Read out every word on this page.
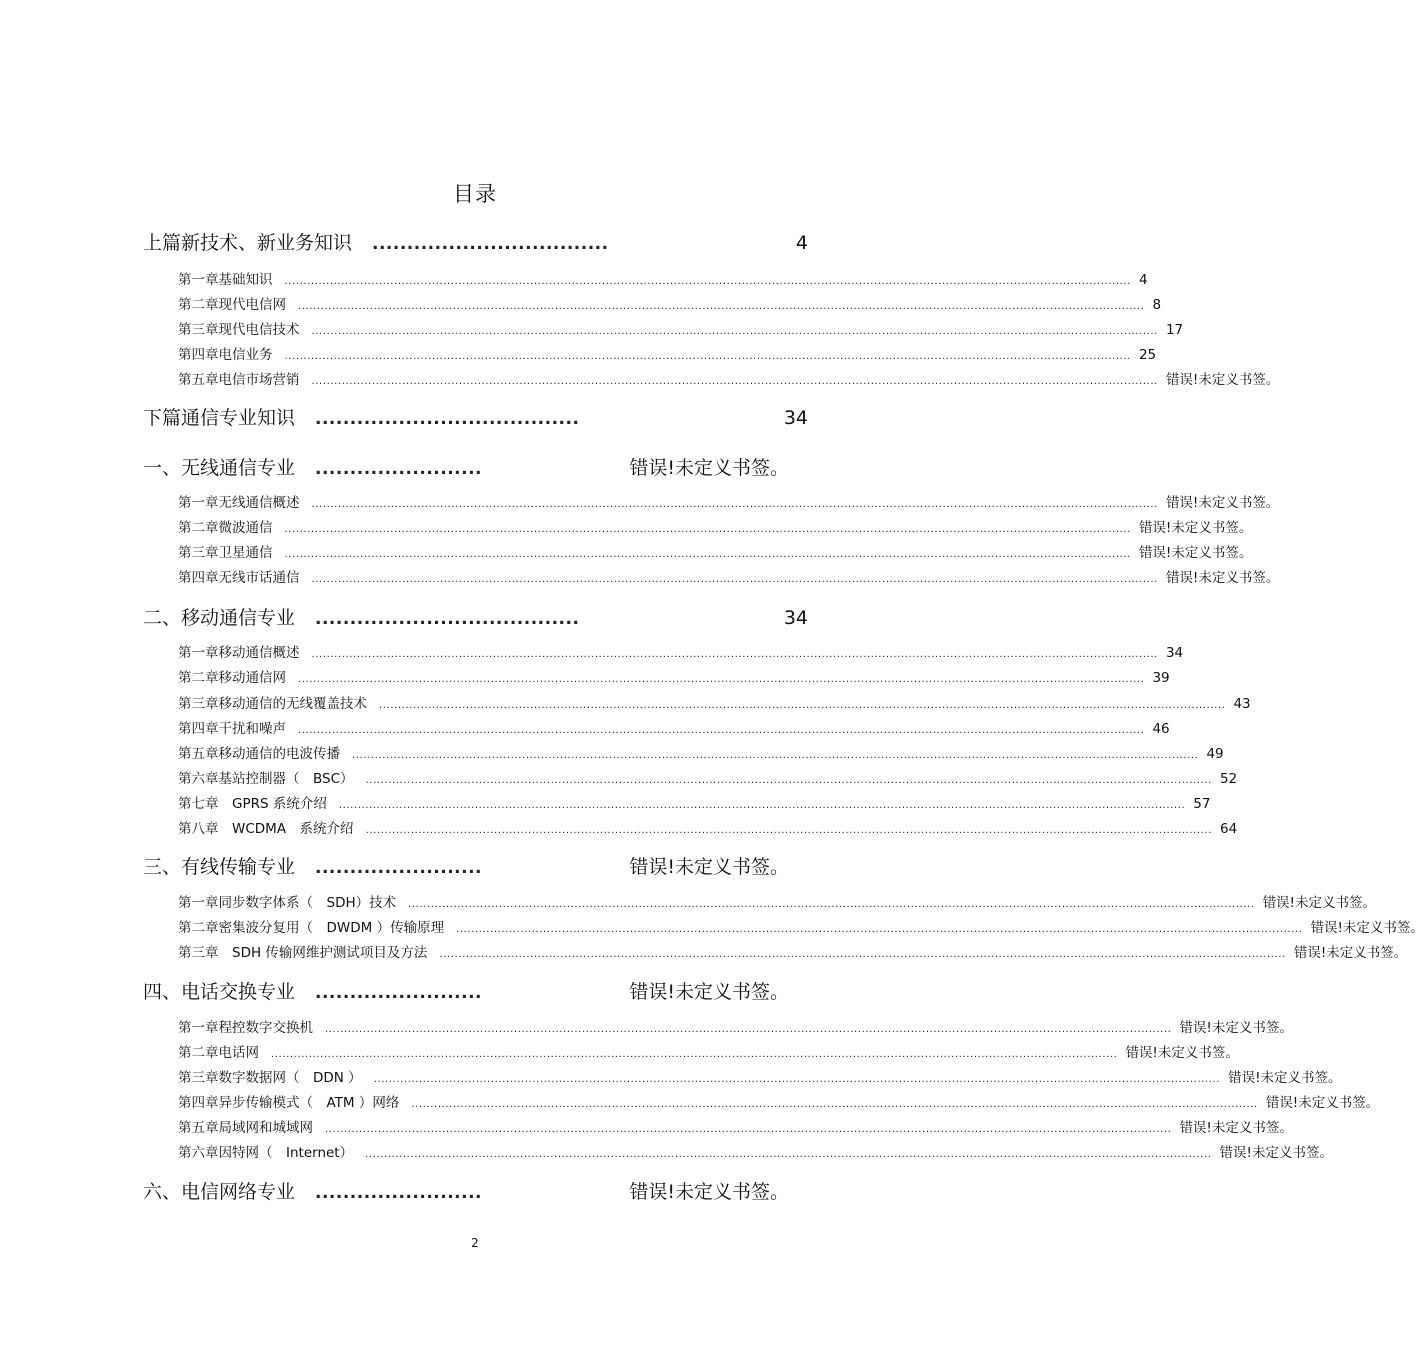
目录
上篇新技术、新业务知识 ..................................	4
第一章基础知识 ................................................................................................................................................................................................................................ 4
第二章现代电信网 ................................................................................................................................................................................................................................ 8
第三章现代电信技术 ................................................................................................................................................................................................................................ 17
第四章电信业务 ................................................................................................................................................................................................................................ 25
第五章电信市场营销 ................................................................................................................................................................................................................................ 错误!未定义书签。
下篇通信专业知识 ......................................	34
一、无线通信专业 ........................	错误!未定义书签。
第一章无线通信概述 ................................................................................................................................................................................................................................ 错误!未定义书签。
第二章微波通信 ................................................................................................................................................................................................................................ 错误!未定义书签。
第三章卫星通信 ................................................................................................................................................................................................................................ 错误!未定义书签。
第四章无线市话通信 ................................................................................................................................................................................................................................ 错误!未定义书签。
二、移动通信专业 ......................................	34
第一章移动通信概述 ................................................................................................................................................................................................................................ 34
第二章移动通信网 ................................................................................................................................................................................................................................ 39
第三章移动通信的无线覆盖技术 ................................................................................................................................................................................................................................ 43
第四章干扰和噪声 ................................................................................................................................................................................................................................ 46
第五章移动通信的电波传播 ................................................................................................................................................................................................................................ 49
第六章基站控制器（　BSC） ................................................................................................................................................................................................................................ 52
第七章　GPRS 系统介绍 ................................................................................................................................................................................................................................ 57
第八章　WCDMA　系统介绍 ................................................................................................................................................................................................................................ 64
三、有线传输专业 ........................	错误!未定义书签。
第一章同步数字体系（　SDH）技术 ................................................................................................................................................................................................................................ 错误!未定义书签。
第二章密集波分复用（　DWDM ）传输原理 ................................................................................................................................................................................................................................ 错误!未定义书签。
第三章　SDH 传输网维护测试项目及方法 ................................................................................................................................................................................................................................ 错误!未定义书签。
四、电话交换专业 ........................	错误!未定义书签。
第一章程控数字交换机 ................................................................................................................................................................................................................................ 错误!未定义书签。
第二章电话网 ................................................................................................................................................................................................................................ 错误!未定义书签。
第三章数字数据网（　DDN ） ................................................................................................................................................................................................................................ 错误!未定义书签。
第四章异步传输模式（　ATM ）网络 ................................................................................................................................................................................................................................ 错误!未定义书签。
第五章局域网和城域网 ................................................................................................................................................................................................................................ 错误!未定义书签。
第六章因特网（　Internet） ................................................................................................................................................................................................................................ 错误!未定义书签。
六、电信网络专业 ........................	错误!未定义书签。
2
